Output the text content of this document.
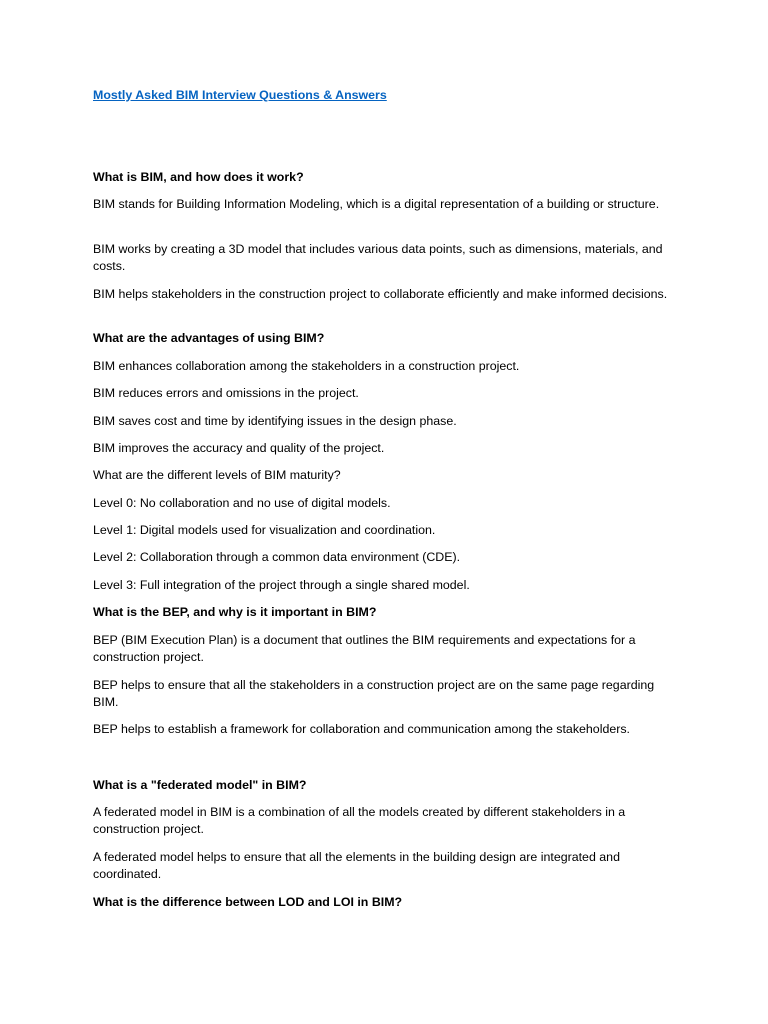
Mostly Asked BIM Interview Questions & Answers

What is BIM, and how does it work?

BIM stands for Building Information Modeling, which is a digital representation of a building or structure.

BIM works by creating a 3D model that includes various data points, such as dimensions, materials, and costs.

BIM helps stakeholders in the construction project to collaborate efficiently and make informed decisions.

What are the advantages of using BIM?

BIM enhances collaboration among the stakeholders in a construction project.

BIM reduces errors and omissions in the project.

BIM saves cost and time by identifying issues in the design phase.

BIM improves the accuracy and quality of the project.

What are the different levels of BIM maturity?

Level 0: No collaboration and no use of digital models.

Level 1: Digital models used for visualization and coordination.

Level 2: Collaboration through a common data environment (CDE).

Level 3: Full integration of the project through a single shared model.

What is the BEP, and why is it important in BIM?

BEP (BIM Execution Plan) is a document that outlines the BIM requirements and expectations for a construction project.

BEP helps to ensure that all the stakeholders in a construction project are on the same page regarding BIM.

BEP helps to establish a framework for collaboration and communication among the stakeholders.

What is a "federated model" in BIM?

A federated model in BIM is a combination of all the models created by different stakeholders in a construction project.

A federated model helps to ensure that all the elements in the building design are integrated and coordinated.

What is the difference between LOD and LOI in BIM?
